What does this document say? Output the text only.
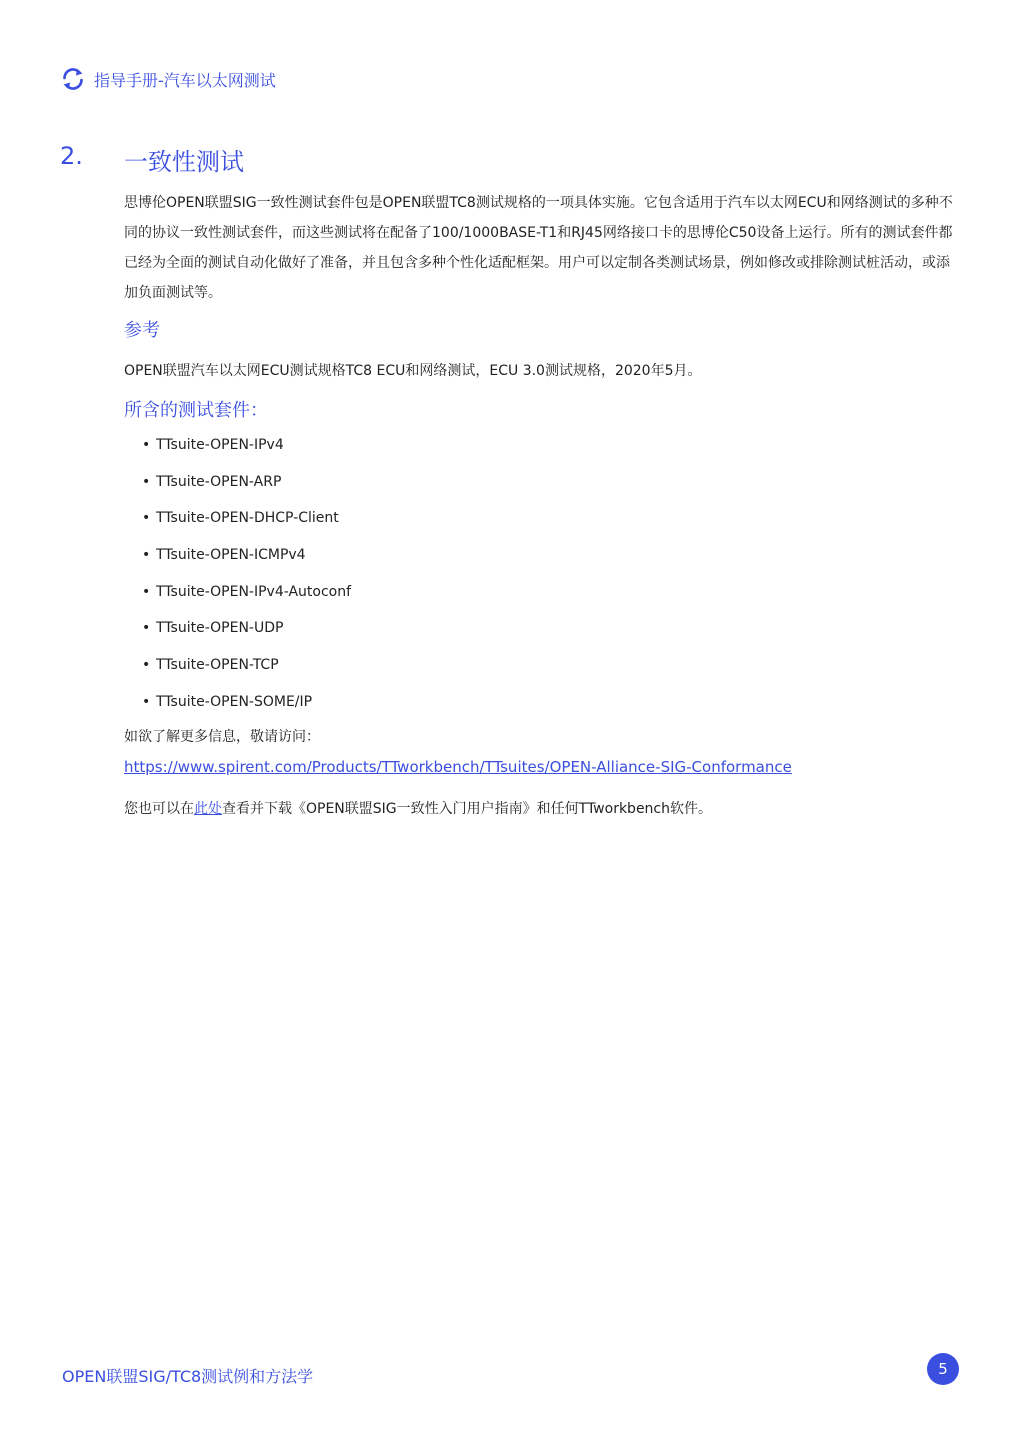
指导手册-汽车以太网测试
2. 一致性测试

思博伦OPEN联盟SIG一致性测试套件包是OPEN联盟TC8测试规格的一项具体实施。它包含适用于汽车以太网ECU和网络测试的多种不同的协议一致性测试套件，而这些测试将在配备了100/1000BASE-T1和RJ45网络接口卡的思博伦C50设备上运行。所有的测试套件都已经为全面的测试自动化做好了准备，并且包含多种个性化适配框架。用户可以定制各类测试场景，例如修改或排除测试桩活动，或添加负面测试等。

参考

OPEN联盟汽车以太网ECU测试规格TC8 ECU和网络测试，ECU 3.0测试规格，2020年5月。

所含的测试套件：

• TTsuite-OPEN-IPv4
• TTsuite-OPEN-ARP
• TTsuite-OPEN-DHCP-Client
• TTsuite-OPEN-ICMPv4
• TTsuite-OPEN-IPv4-Autoconf
• TTsuite-OPEN-UDP
• TTsuite-OPEN-TCP
• TTsuite-OPEN-SOME/IP

如欲了解更多信息，敬请访问：

https://www.spirent.com/Products/TTworkbench/TTsuites/OPEN-Alliance-SIG-Conformance

您也可以在此处查看并下载《OPEN联盟SIG一致性入门用户指南》和任何TTworkbench软件。

OPEN联盟SIG/TC8测试例和方法学	5
